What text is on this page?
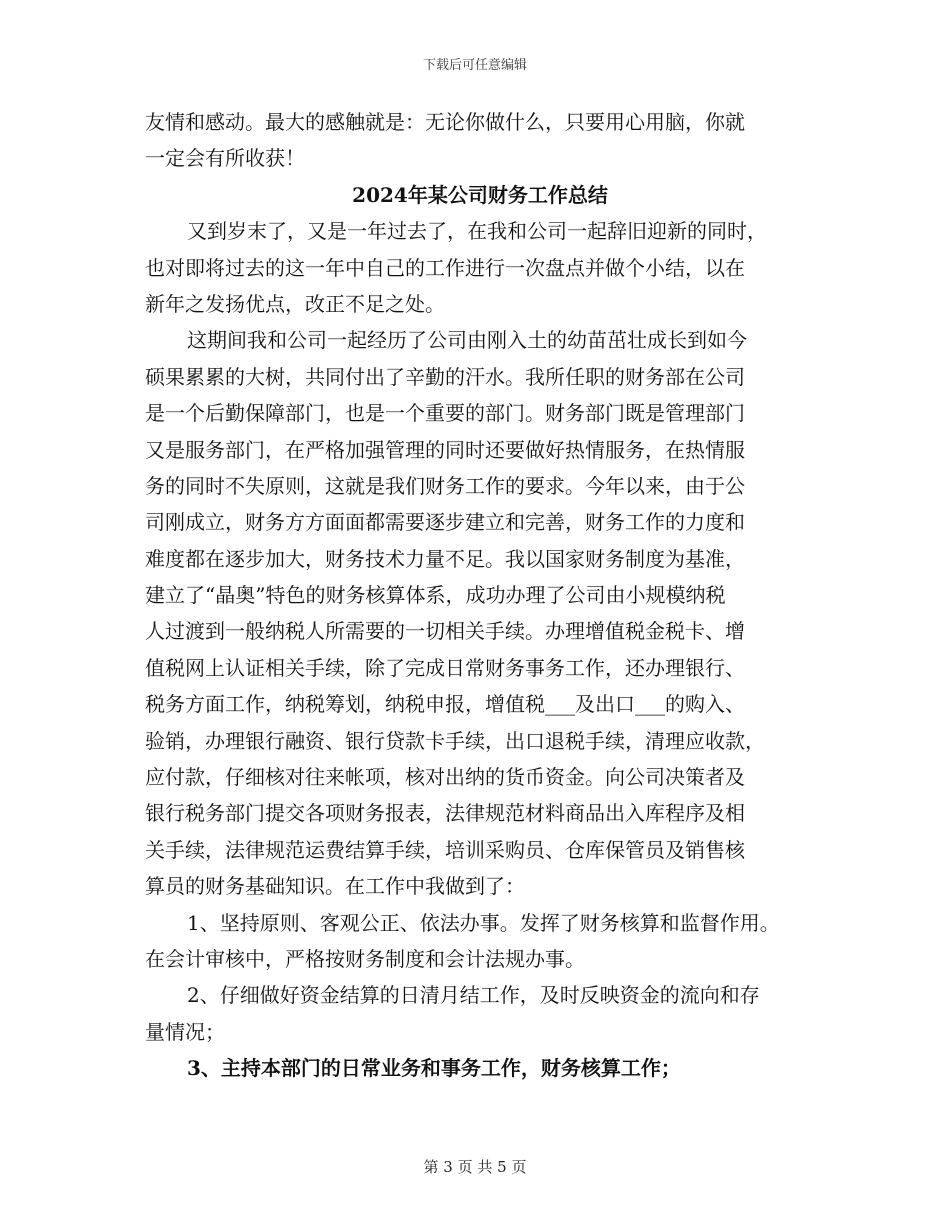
下载后可任意编辑
友情和感动。最大的感触就是：无论你做什么，只要用心用脑，你就
一定会有所收获！
2024年某公司财务工作总结
又到岁末了，又是一年过去了，在我和公司一起辞旧迎新的同时，
也对即将过去的这一年中自己的工作进行一次盘点并做个小结，以在
新年之发扬优点，改正不足之处。
这期间我和公司一起经历了公司由刚入土的幼苗茁壮成长到如今
硕果累累的大树，共同付出了辛勤的汗水。我所任职的财务部在公司
是一个后勤保障部门，也是一个重要的部门。财务部门既是管理部门
又是服务部门，在严格加强管理的同时还要做好热情服务，在热情服
务的同时不失原则，这就是我们财务工作的要求。今年以来，由于公
司刚成立，财务方方面面都需要逐步建立和完善，财务工作的力度和
难度都在逐步加大，财务技术力量不足。我以国家财务制度为基准，
建立了“晶奥”特色的财务核算体系，成功办理了公司由小规模纳税
人过渡到一般纳税人所需要的一切相关手续。办理增值税金税卡、增
值税网上认证相关手续，除了完成日常财务事务工作，还办理银行、
税务方面工作，纳税筹划，纳税申报，增值税___及出口___的购入、
验销，办理银行融资、银行贷款卡手续，出口退税手续，清理应收款，
应付款，仔细核对往来帐项，核对出纳的货币资金。向公司决策者及
银行税务部门提交各项财务报表，法律规范材料商品出入库程序及相
关手续，法律规范运费结算手续，培训采购员、仓库保管员及销售核
算员的财务基础知识。在工作中我做到了：
1、坚持原则、客观公正、依法办事。发挥了财务核算和监督作用。
在会计审核中，严格按财务制度和会计法规办事。
2、仔细做好资金结算的日清月结工作，及时反映资金的流向和存
量情况；
3、主持本部门的日常业务和事务工作，财务核算工作；
第 3 页 共 5 页
